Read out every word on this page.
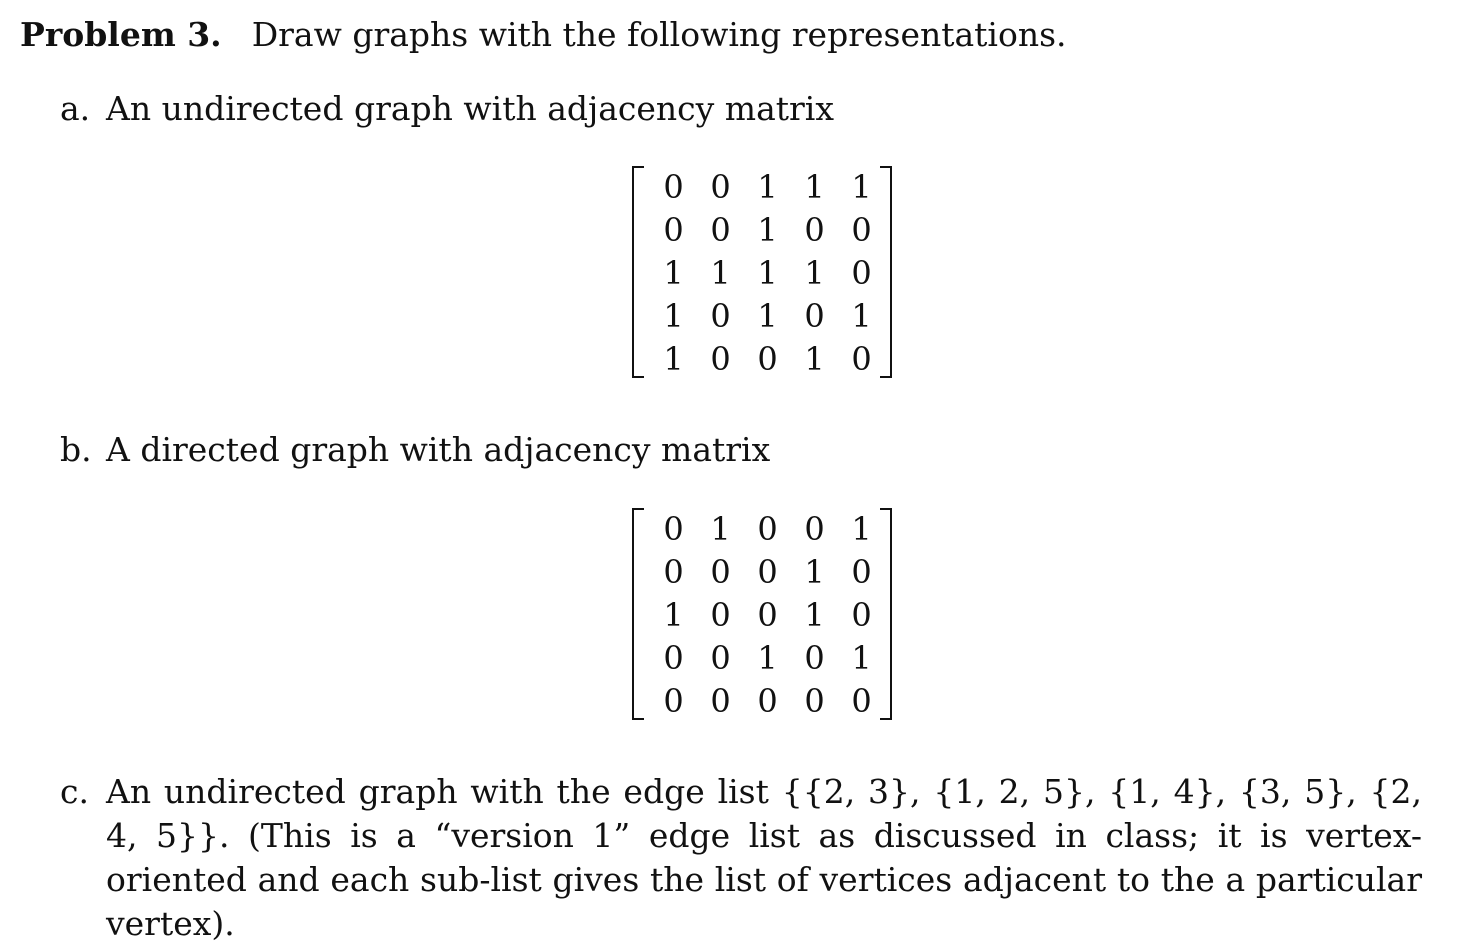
Problem 3. Draw graphs with the following representations.
a. An undirected graph with adjacency matrix
0 0 1 1 1
0 0 1 0 0
1 1 1 1 0
1 0 1 0 1
1 0 0 1 0
b. A directed graph with adjacency matrix
0 1 0 0 1
0 0 0 1 0
1 0 0 1 0
0 0 1 0 1
0 0 0 0 0
c. An undirected graph with the edge list {{2, 3}, {1, 2, 5}, {1, 4}, {3, 5}, {2, 4, 5}}. (This is a “version 1” edge list as discussed in class; it is vertex-oriented and each sub-list gives the list of vertices adjacent to the a particular vertex).
